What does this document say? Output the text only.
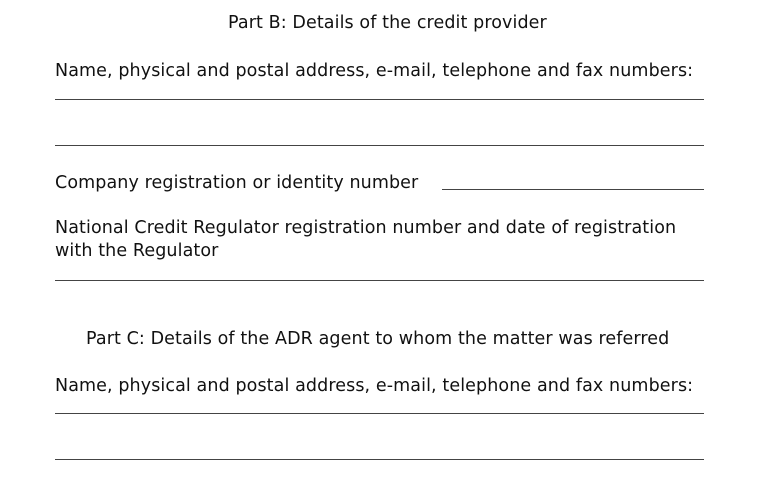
Part B: Details of the credit provider
Name, physical and postal address, e-mail, telephone and fax numbers:
Company registration or identity number
National Credit Regulator registration number and date of registration
with the Regulator
Part C: Details of the ADR agent to whom the matter was referred
Name, physical and postal address, e-mail, telephone and fax numbers:
